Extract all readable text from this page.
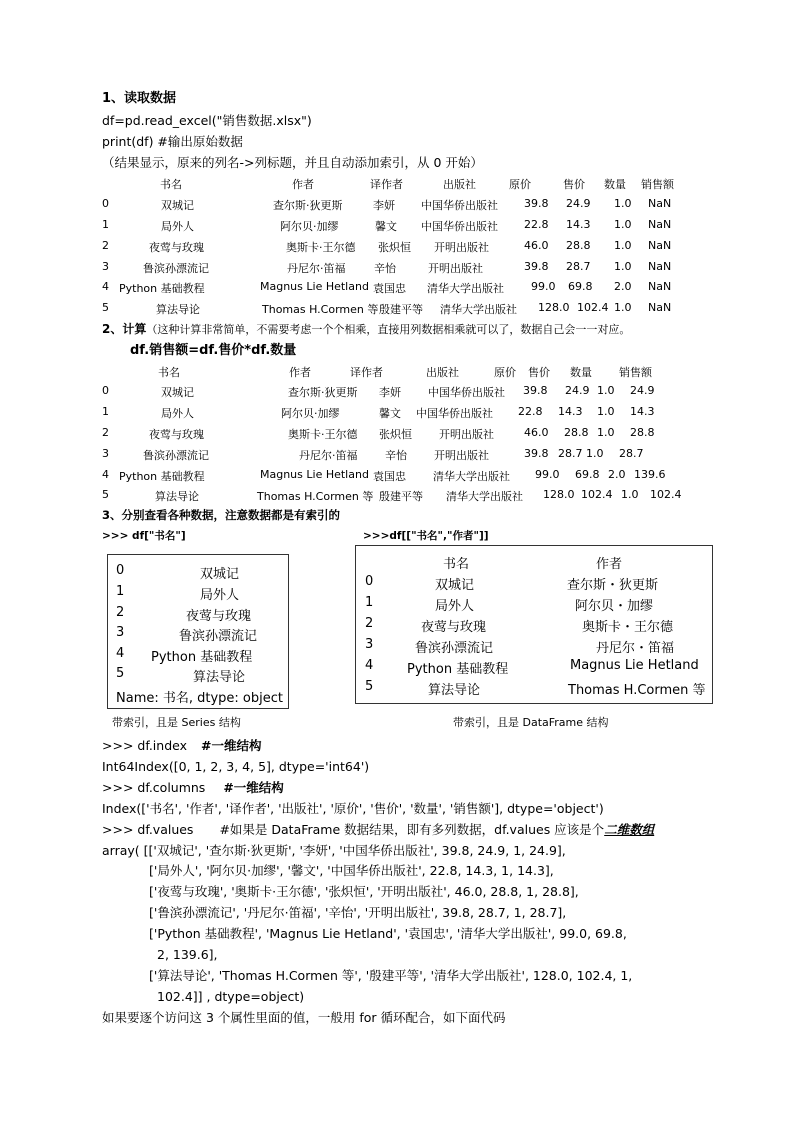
1、读取数据
df=pd.read_excel("销售数据.xlsx")
print(df) #输出原始数据
（结果显示，原来的列名->列标题，并且自动添加索引，从 0 开始）
书名	作者	译作者	出版社	原价	售价 数量 销售额
0	双城记	查尔斯·狄更斯	李妍 中国华侨出版社 39.8 24.9 1.0 NaN
1	局外人	阿尔贝·加缪	馨文 中国华侨出版社 22.8 14.3 1.0 NaN
2	夜莺与玫瑰	奥斯卡·王尔德 张炽恒 开明出版社	46.0 28.8 1.0 NaN
3	鲁滨孙漂流记	丹尼尔·笛福	辛怡	开明出版社	39.8 28.7 1.0 NaN
4 Python 基础教程	Magnus Lie Hetland 袁国忠 清华大学出版社 99.0 69.8 2.0 NaN
5	算法导论	Thomas H.Cormen 等 殷建平等 清华大学出版社 128.0 102.4 1.0 NaN
2、计算（这种计算非常简单，不需要考虑一个个相乘，直接用列数据相乘就可以了，数据自己会一一对应。
df.销售额=df.售价*df.数量
书名	作者	译作者	出版社	原价 售价 数量 销售额
0	双城记	查尔斯·狄更斯 李妍 中国华侨出版社 39.8 24.9 1.0 24.9
1	局外人	阿尔贝·加缪	馨文 中国华侨出版社 22.8 14.3 1.0 14.3
2	夜莺与玫瑰	奥斯卡·王尔德 张炽恒 开明出版社	46.0 28.8 1.0 28.8
3	鲁滨孙漂流记	丹尼尔·笛福	辛怡 开明出版社	39.8 28.7 1.0 28.7
4 Python 基础教程	Magnus Lie Hetland 袁国忠 清华大学出版社 99.0 69.8 2.0 139.6
5	算法导论	Thomas H.Cormen 等 殷建平等 清华大学出版社 128.0 102.4 1.0 102.4
3、分别查看各种数据，注意数据都是有索引的
>>> df["书名"]	>>>df[["书名","作者"]]
0	双城记
1	局外人
2	夜莺与玫瑰
3	鲁滨孙漂流记
4 Python 基础教程
5	算法导论
Name: 书名, dtype: object
书名	作者
0	双城记	查尔斯・狄更斯
1	局外人	阿尔贝・加缪
2	夜莺与玫瑰	奥斯卡・王尔德
3	鲁滨孙漂流记	丹尼尔・笛福
4	Python 基础教程	Magnus Lie Hetland
5	算法导论	Thomas H.Cormen 等
带索引，且是 Series 结构	带索引，且是 DataFrame 结构
>>> df.index #一维结构
Int64Index([0, 1, 2, 3, 4, 5], dtype='int64')
>>> df.columns #一维结构
Index(['书名', '作者', '译作者', '出版社', '原价', '售价', '数量', '销售额'], dtype='object')
>>> df.values #如果是 DataFrame 数据结果，即有多列数据，df.values 应该是个二维数组
array( [['双城记', '查尔斯·狄更斯', '李妍', '中国华侨出版社', 39.8, 24.9, 1, 24.9],
['局外人', '阿尔贝·加缪', '馨文', '中国华侨出版社', 22.8, 14.3, 1, 14.3],
['夜莺与玫瑰', '奥斯卡·王尔德', '张炽恒', '开明出版社', 46.0, 28.8, 1, 28.8],
['鲁滨孙漂流记', '丹尼尔·笛福', '辛怡', '开明出版社', 39.8, 28.7, 1, 28.7],
['Python 基础教程', 'Magnus Lie Hetland', '袁国忠', '清华大学出版社', 99.0, 69.8,
2, 139.6],
['算法导论', 'Thomas H.Cormen 等', '殷建平等', '清华大学出版社', 128.0, 102.4, 1,
102.4]] , dtype=object)
如果要逐个访问这 3 个属性里面的值，一般用 for 循环配合，如下面代码
